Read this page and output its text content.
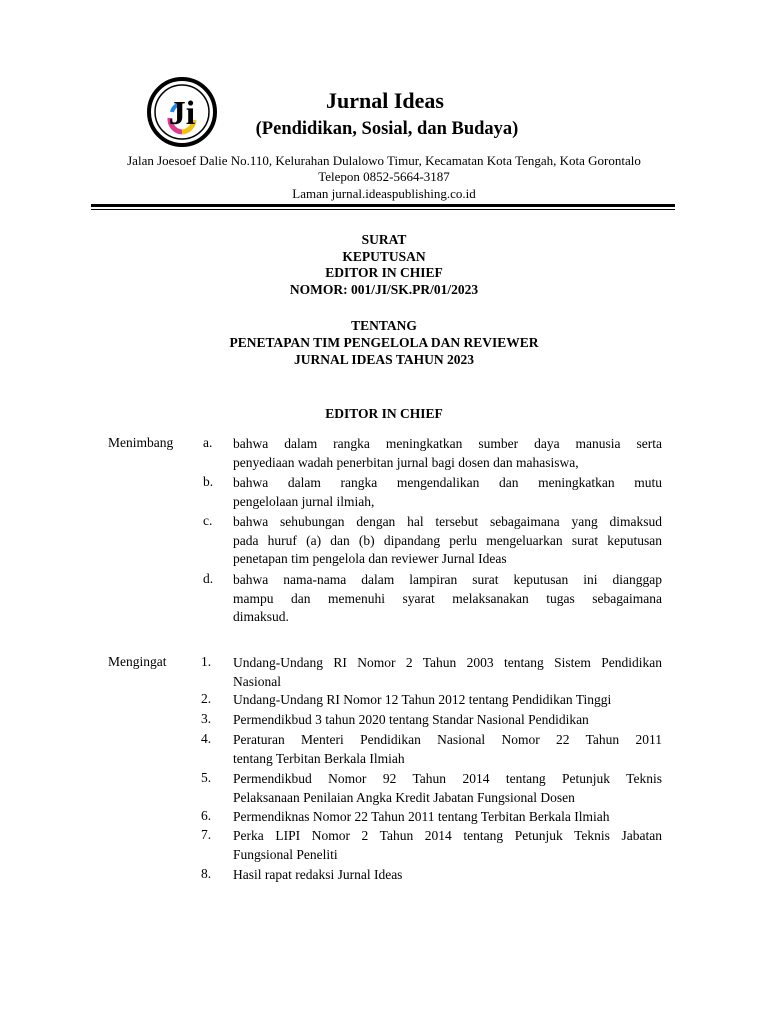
Ji	Jurnal Ideas
(Pendidikan, Sosial, dan Budaya)
Jalan Joesoef Dalie No.110, Kelurahan Dulalowo Timur, Kecamatan Kota Tengah, Kota Gorontalo
Telepon 0852-5664-3187
Laman jurnal.ideaspublishing.co.id
SURAT
KEPUTUSAN
EDITOR IN CHIEF
NOMOR: 001/JI/SK.PR/01/2023
TENTANG
PENETAPAN TIM PENGELOLA DAN REVIEWER
JURNAL IDEAS TAHUN 2023
EDITOR IN CHIEF
Menimbang a. bahwa dalam rangka meningkatkan sumber daya manusia serta
penyediaan wadah penerbitan jurnal bagi dosen dan mahasiswa,
b. bahwa dalam rangka mengendalikan dan meningkatkan mutu
pengelolaan jurnal ilmiah,
c. bahwa sehubungan dengan hal tersebut sebagaimana yang dimaksud
pada huruf (a) dan (b) dipandang perlu mengeluarkan surat keputusan
penetapan tim pengelola dan reviewer Jurnal Ideas
d. bahwa nama-nama dalam lampiran surat keputusan ini dianggap
mampu dan memenuhi syarat melaksanakan tugas sebagaimana
dimaksud.
Mengingat	1. Undang-Undang RI Nomor 2 Tahun 2003 tentang Sistem Pendidikan
Nasional
2. Undang-Undang RI Nomor 12 Tahun 2012 tentang Pendidikan Tinggi
3. Permendikbud 3 tahun 2020 tentang Standar Nasional Pendidikan
4. Peraturan Menteri Pendidikan Nasional Nomor 22 Tahun 2011
tentang Terbitan Berkala Ilmiah
5. Permendikbud Nomor 92 Tahun 2014 tentang Petunjuk Teknis
Pelaksanaan Penilaian Angka Kredit Jabatan Fungsional Dosen
6. Permendiknas Nomor 22 Tahun 2011 tentang Terbitan Berkala Ilmiah
7. Perka LIPI Nomor 2 Tahun 2014 tentang Petunjuk Teknis Jabatan
Fungsional Peneliti
8. Hasil rapat redaksi Jurnal Ideas
